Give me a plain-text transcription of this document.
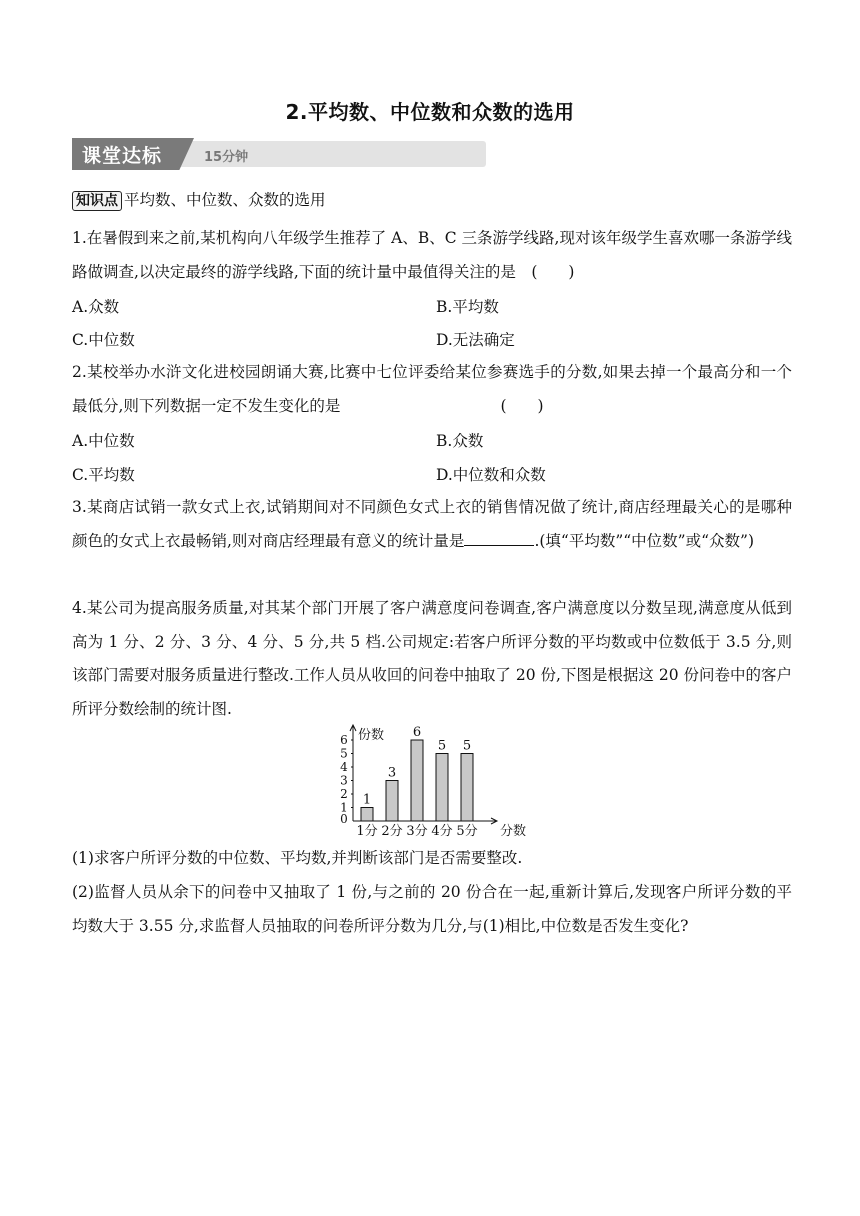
2.平均数、中位数和众数的选用
课堂达标	15分钟
知识点 平均数、中位数、众数的选用
1.在暑假到来之前,某机构向八年级学生推荐了 A、B、C 三条游学线路,现对该年级学生喜欢哪一条游学线路做调查,以决定最终的游学线路,下面的统计量中最值得关注的是　(　　)
A.众数	B.平均数
C.中位数	D.无法确定
2.某校举办水浒文化进校园朗诵大赛,比赛中七位评委给某位参赛选手的分数,如果去掉一个最高分和一个最低分,则下列数据一定不发生变化的是	(　　)
A.中位数	B.众数
C.平均数	D.中位数和众数
3.某商店试销一款女式上衣,试销期间对不同颜色女式上衣的销售情况做了统计,商店经理最关心的是哪种颜色的女式上衣最畅销,则对商店经理最有意义的统计量是	.(填“平均数”“中位数”或“众数”)
4.某公司为提高服务质量,对其某个部门开展了客户满意度问卷调查,客户满意度以分数呈现,满意度从低到高为 1 分、2 分、3 分、4 分、5 分,共 5 档.公司规定:若客户所评分数的平均数或中位数低于 3.5 分,则该部门需要对服务质量进行整改.工作人员从收回的问卷中抽取了 20 份,下图是根据这 20 份问卷中的客户所评分数绘制的统计图.
份数
分数
0
1
2
3
4
5
6
1
1分
3
2分
6
3分
5
4分
5
5分
(1)求客户所评分数的中位数、平均数,并判断该部门是否需要整改.
(2)监督人员从余下的问卷中又抽取了 1 份,与之前的 20 份合在一起,重新计算后,发现客户所评分数的平均数大于 3.55 分,求监督人员抽取的问卷所评分数为几分,与(1)相比,中位数是否发生变化?
